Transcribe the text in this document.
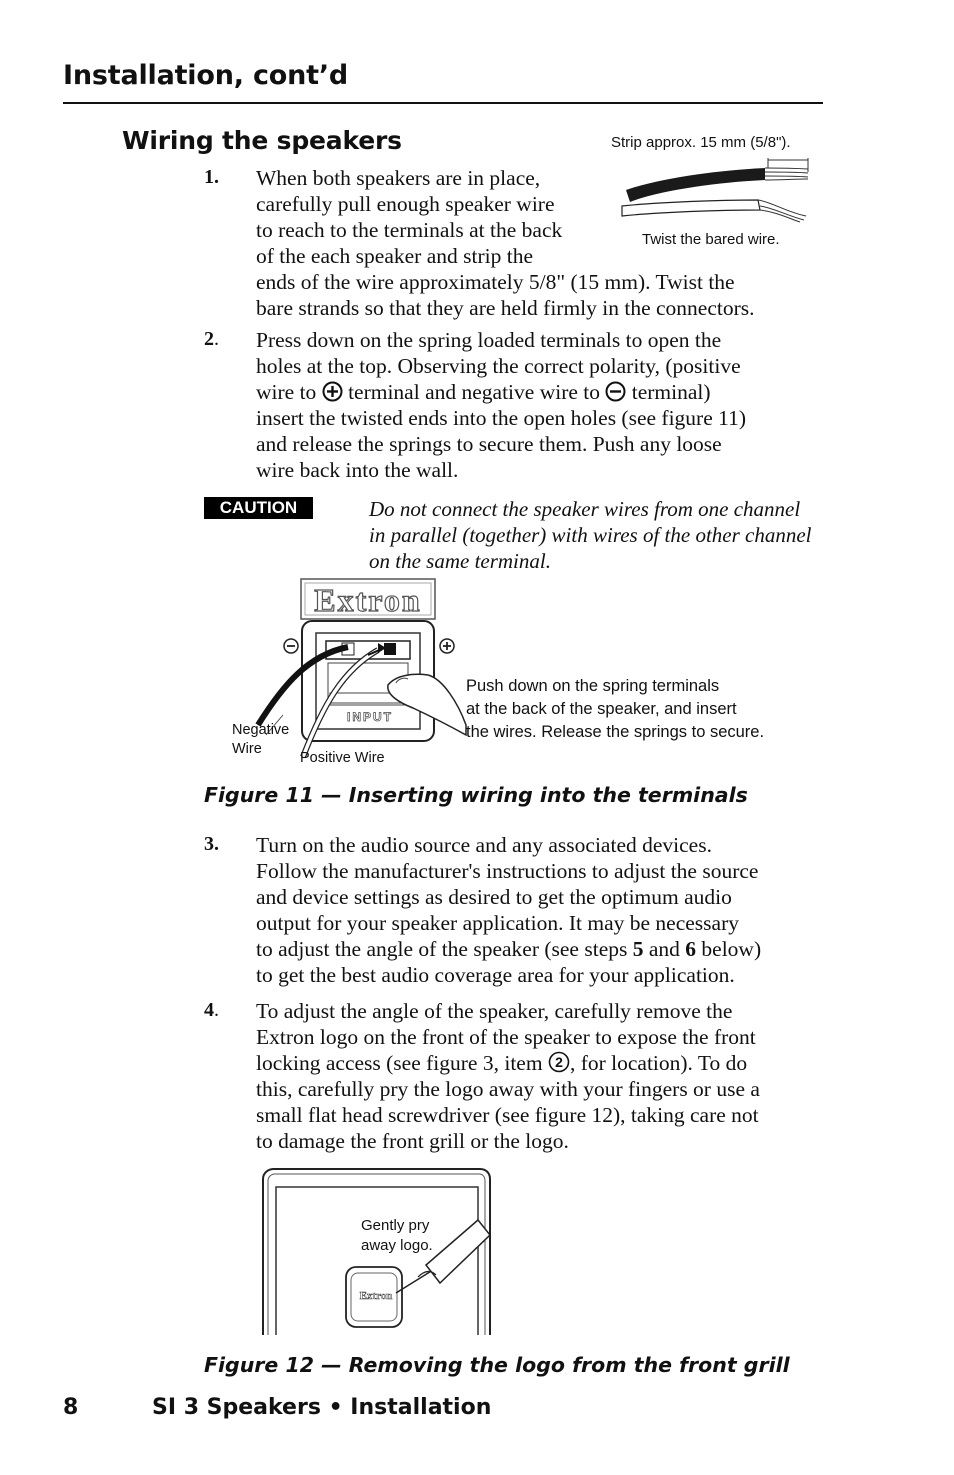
Installation, cont’d
Wiring the speakers	Strip approx. 15 mm (5/8").
Twist the bared wire.
1. When both speakers are in place,
carefully pull enough speaker wire
to reach to the terminals at the back
of the each speaker and strip the
ends of the wire approximately 5/8" (15 mm). Twist the
bare strands so that they are held firmly in the connectors.
2. Press down on the spring loaded terminals to open the
holes at the top. Observing the correct polarity, (positive
wire to terminal and negative wire to terminal)
insert the twisted ends into the open holes (see figure 11)
and release the springs to secure them. Push any loose
wire back into the wall.
CAUTION	Do not connect the speaker wires from one channel
in parallel (together) with wires of the other channel
on the same terminal.
Extron
INPUT
Negative
Wire
Positive Wire
Push down on the spring terminals
at the back of the speaker, and insert
the wires. Release the springs to secure.
Figure 11 — Inserting wiring into the terminals
3. Turn on the audio source and any associated devices.
Follow the manufacturer's instructions to adjust the source
and device settings as desired to get the optimum audio
output for your speaker application. It may be necessary
to adjust the angle of the speaker (see steps 5 and 6 below)
to get the best audio coverage area for your application.
4. To adjust the angle of the speaker, carefully remove the
Extron logo on the front of the speaker to expose the front
locking access (see figure 3, item 2 , for location). To do
this, carefully pry the logo away with your fingers or use a
small flat head screwdriver (see figure 12), taking care not
to damage the front grill or the logo.
Extron
Gently pry
away logo.
Figure 12 — Removing the logo from the front grill
8	SI 3 Speakers • Installation
